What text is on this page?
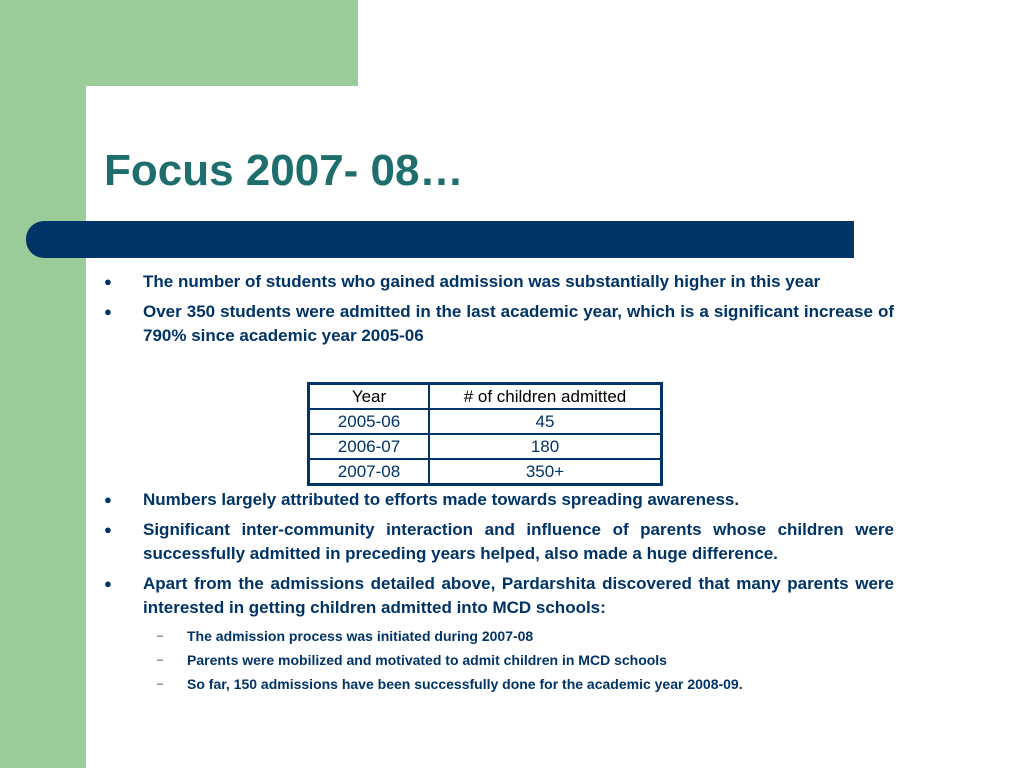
Focus 2007- 08…
● The number of students who gained admission was substantially higher in this year
● Over 350 students were admitted in the last academic year, which is a significant increase of 790% since academic year 2005-06
Year	# of children admitted
2005-06	45
2006-07	180
2007-08	350+
● Numbers largely attributed to efforts made towards spreading awareness.
● Significant inter-community interaction and influence of parents whose children were successfully admitted in preceding years helped, also made a huge difference.
● Apart from the admissions detailed above, Pardarshita discovered that many parents were interested in getting children admitted into MCD schools:
– The admission process was initiated during 2007-08
– Parents were mobilized and motivated to admit children in MCD schools
– So far, 150 admissions have been successfully done for the academic year 2008-09.
